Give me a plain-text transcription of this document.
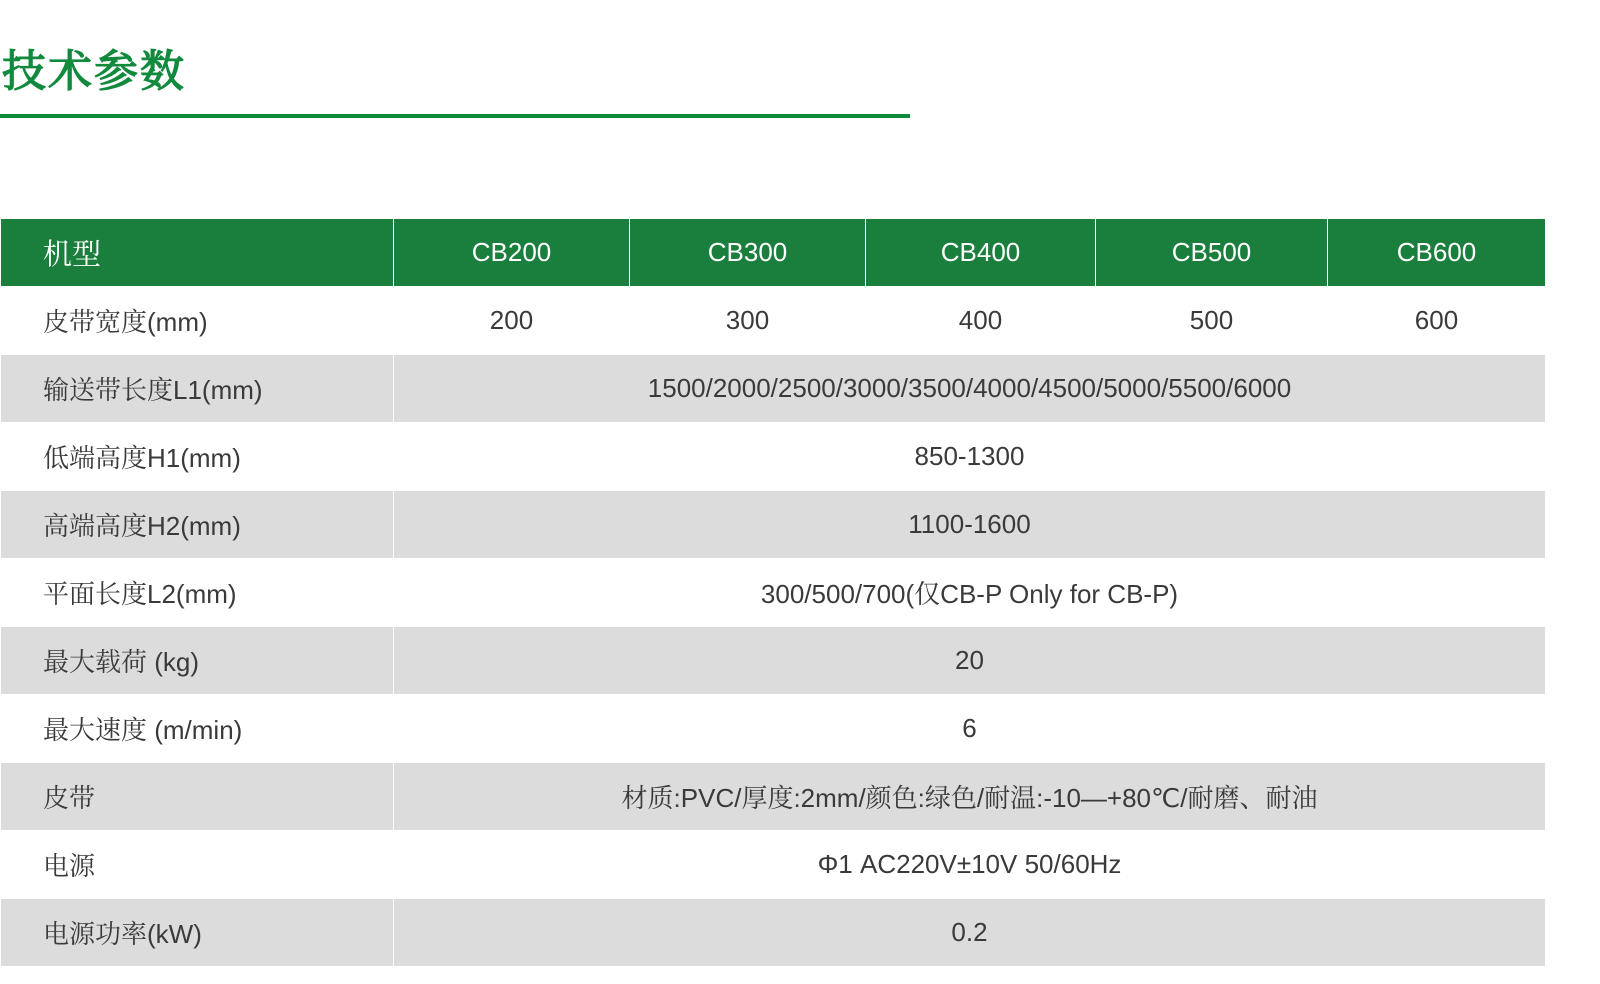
技术参数
机型	CB200	CB300	CB400	CB500	CB600
皮带宽度(mm)	200	300	400	500	600
输送带长度L1(mm)	1500/2000/2500/3000/3500/4000/4500/5000/5500/6000				
低端高度H1(mm)	850-1300				
高端高度H2(mm)	1100-1600				
平面长度L2(mm)	300/500/700(仅CB-P Only for CB-P)				
最大载荷 (kg)	20				
最大速度 (m/min)	6				
皮带	材质:PVC/厚度:2mm/颜色:绿色/耐温:-10—+80℃/耐磨、耐油				
电源	Φ1 AC220V±10V 50/60Hz				
电源功率(kW)	0.2				
